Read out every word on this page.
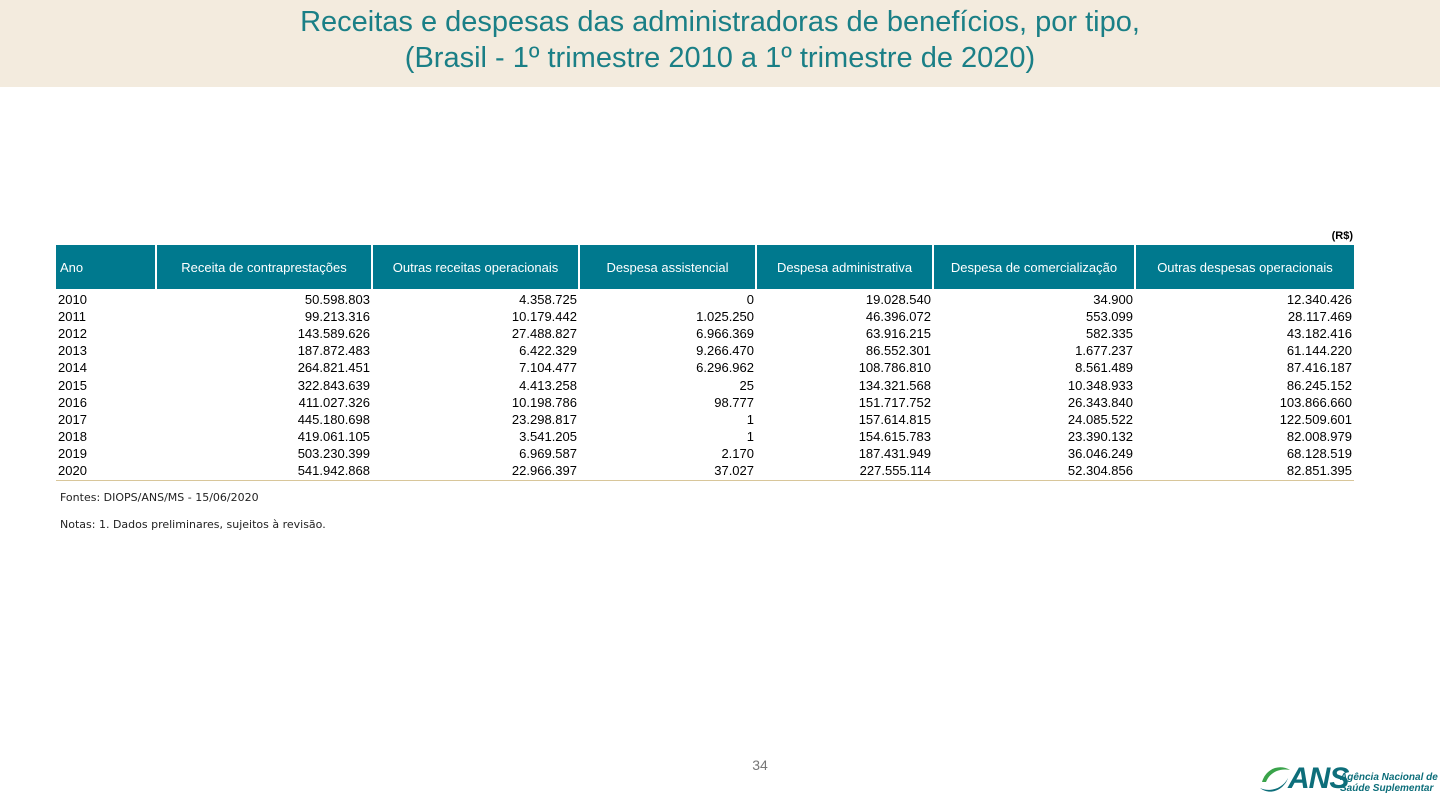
Receitas e despesas das administradoras de benefícios, por tipo,
(Brasil - 1º trimestre 2010 a 1º trimestre de 2020)
(R$)
Ano	Receita de contraprestações	Outras receitas operacionais	Despesa assistencial	Despesa administrativa	Despesa de comercialização	Outras despesas operacionais
2010	50.598.803	4.358.725	0	19.028.540	34.900	12.340.426
2011	99.213.316	10.179.442	1.025.250	46.396.072	553.099	28.117.469
2012	143.589.626	27.488.827	6.966.369	63.916.215	582.335	43.182.416
2013	187.872.483	6.422.329	9.266.470	86.552.301	1.677.237	61.144.220
2014	264.821.451	7.104.477	6.296.962	108.786.810	8.561.489	87.416.187
2015	322.843.639	4.413.258	25	134.321.568	10.348.933	86.245.152
2016	411.027.326	10.198.786	98.777	151.717.752	26.343.840	103.866.660
2017	445.180.698	23.298.817	1	157.614.815	24.085.522	122.509.601
2018	419.061.105	3.541.205	1	154.615.783	23.390.132	82.008.979
2019	503.230.399	6.969.587	2.170	187.431.949	36.046.249	68.128.519
2020	541.942.868	22.966.397	37.027	227.555.114	52.304.856	82.851.395
Fontes: DIOPS/ANS/MS - 15/06/2020
Notas: 1. Dados preliminares, sujeitos à revisão.
34	ANS
Agência Nacional de
Saúde Suplementar
